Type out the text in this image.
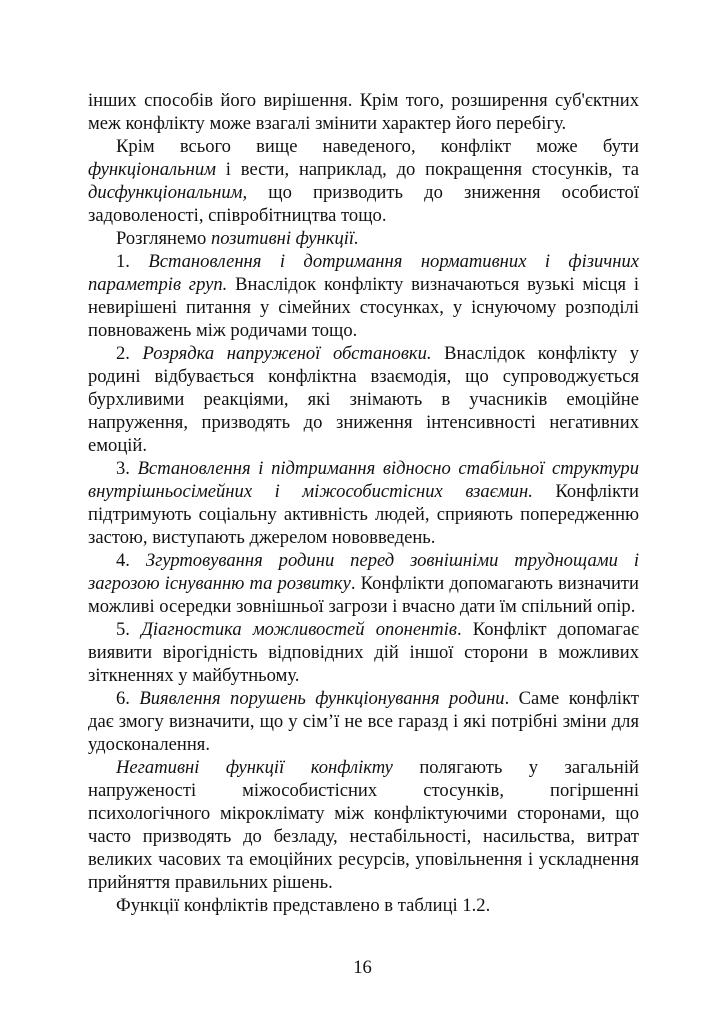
інших способів його вирішення. Крім того, розширення суб'єктних меж конфлікту може взагалі змінити характер його перебігу.

Крім всього вище наведеного, конфлікт може бути функціональним і вести, наприклад, до покращення стосунків, та дисфункціональним, що призводить до зниження особистої задоволеності, співробітництва тощо.

Розглянемо позитивні функції.

1. Встановлення і дотримання нормативних і фізичних параметрів груп. Внаслідок конфлікту визначаються вузькі місця і невирішені питання у сімейних стосунках, у існуючому розподілі повноважень між родичами тощо.

2. Розрядка напруженої обстановки. Внаслідок конфлікту у родині відбувається конфліктна взаємодія, що супроводжується бурхливими реакціями, які знімають в учасників емоційне напруження, призводять до зниження інтенсивності негативних емоцій.

3. Встановлення і підтримання відносно стабільної структури внутрішньосімейних і міжособистісних взаємин. Конфлікти підтримують соціальну активність людей, сприяють попередженню застою, виступають джерелом нововведень.

4. Згуртовування родини перед зовнішніми труднощами і загрозою існуванню та розвитку. Конфлікти допомагають визначити можливі осередки зовнішньої загрози і вчасно дати їм спільний опір.

5. Діагностика можливостей опонентів. Конфлікт допомагає виявити вірогідність відповідних дій іншої сторони в можливих зіткненнях у майбутньому.

6. Виявлення порушень функціонування родини. Саме конфлікт дає змогу визначити, що у сім’ї не все гаразд і які потрібні зміни для удосконалення.

Негативні функції конфлікту полягають у загальній напруженості міжособистісних стосунків, погіршенні психологічного мікроклімату між конфліктуючими сторонами, що часто призводять до безладу, нестабільності, насильства, витрат великих часових та емоційних ресурсів, уповільнення і ускладнення прийняття правильних рішень.

Функції конфліктів представлено в таблиці 1.2.

16
